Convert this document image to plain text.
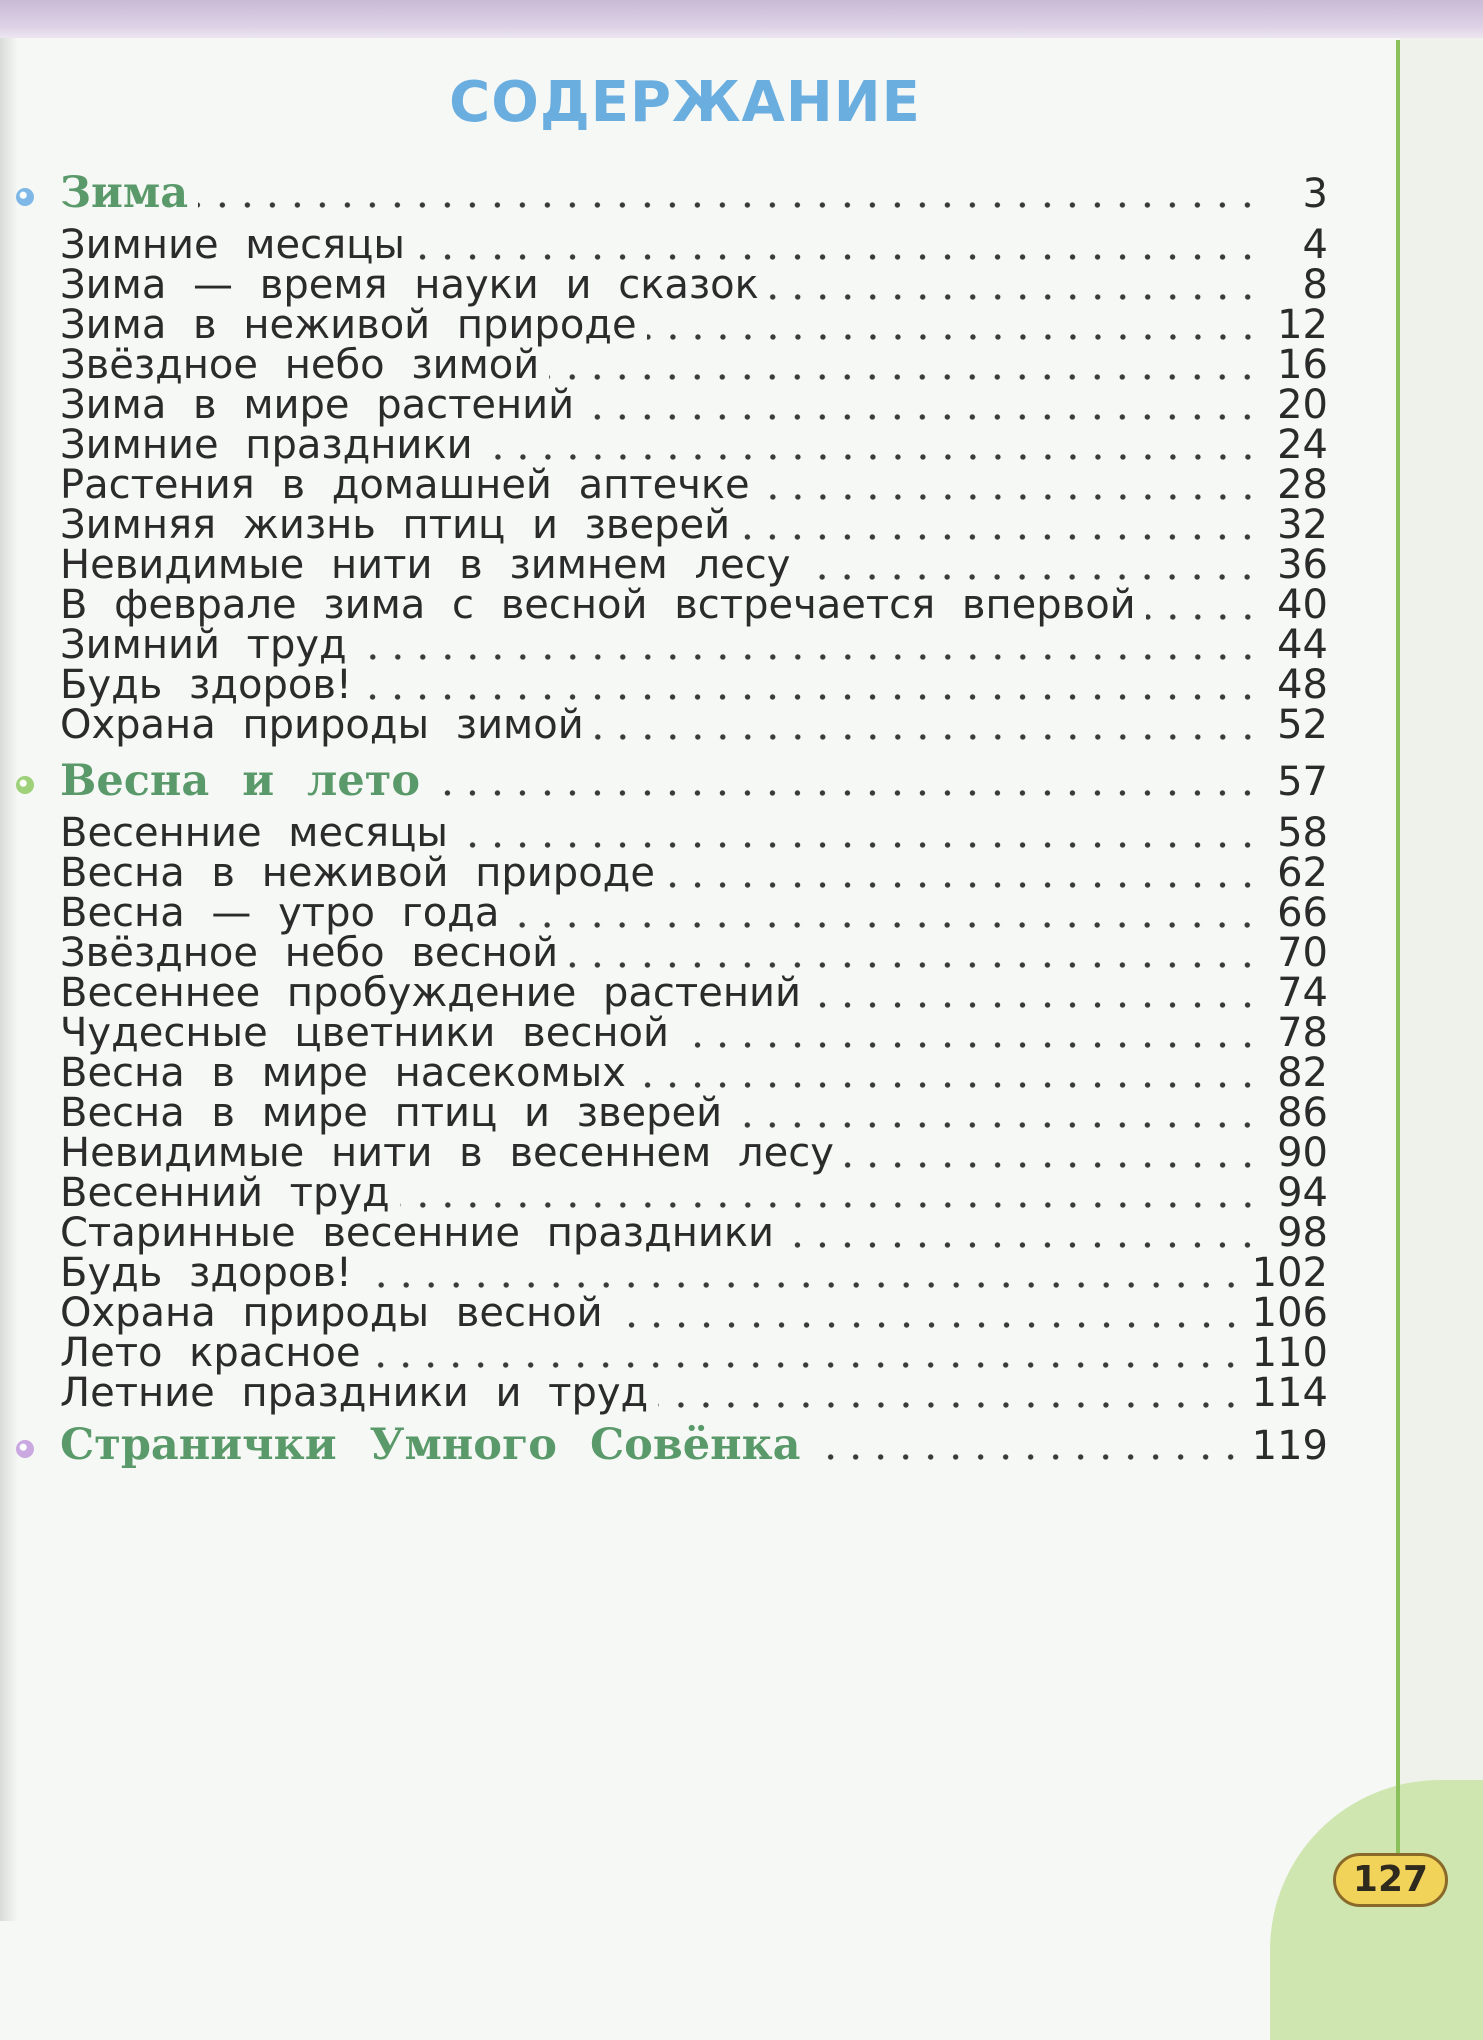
127
СОДЕРЖАНИЕ
Зима	3
Зимние месяцы	4
Зима — время науки и сказок	8
Зима в неживой природе	12
Звёздное небо зимой	16
Зима в мире растений	20
Зимние праздники	24
Растения в домашней аптечке	28
Зимняя жизнь птиц и зверей	32
Невидимые нити в зимнем лесу	36
В феврале зима с весной встречается впервой	40
Зимний труд	44
Будь здоров!	48
Охрана природы зимой	52
Весна и лето	57
Весенние месяцы	58
Весна в неживой природе	62
Весна — утро года	66
Звёздное небо весной	70
Весеннее пробуждение растений	74
Чудесные цветники весной	78
Весна в мире насекомых	82
Весна в мире птиц и зверей	86
Невидимые нити в весеннем лесу	90
Весенний труд	94
Старинные весенние праздники	98
Будь здоров!	102
Охрана природы весной	106
Лето красное	110
Летние праздники и труд	114
Странички Умного Совёнка	119
